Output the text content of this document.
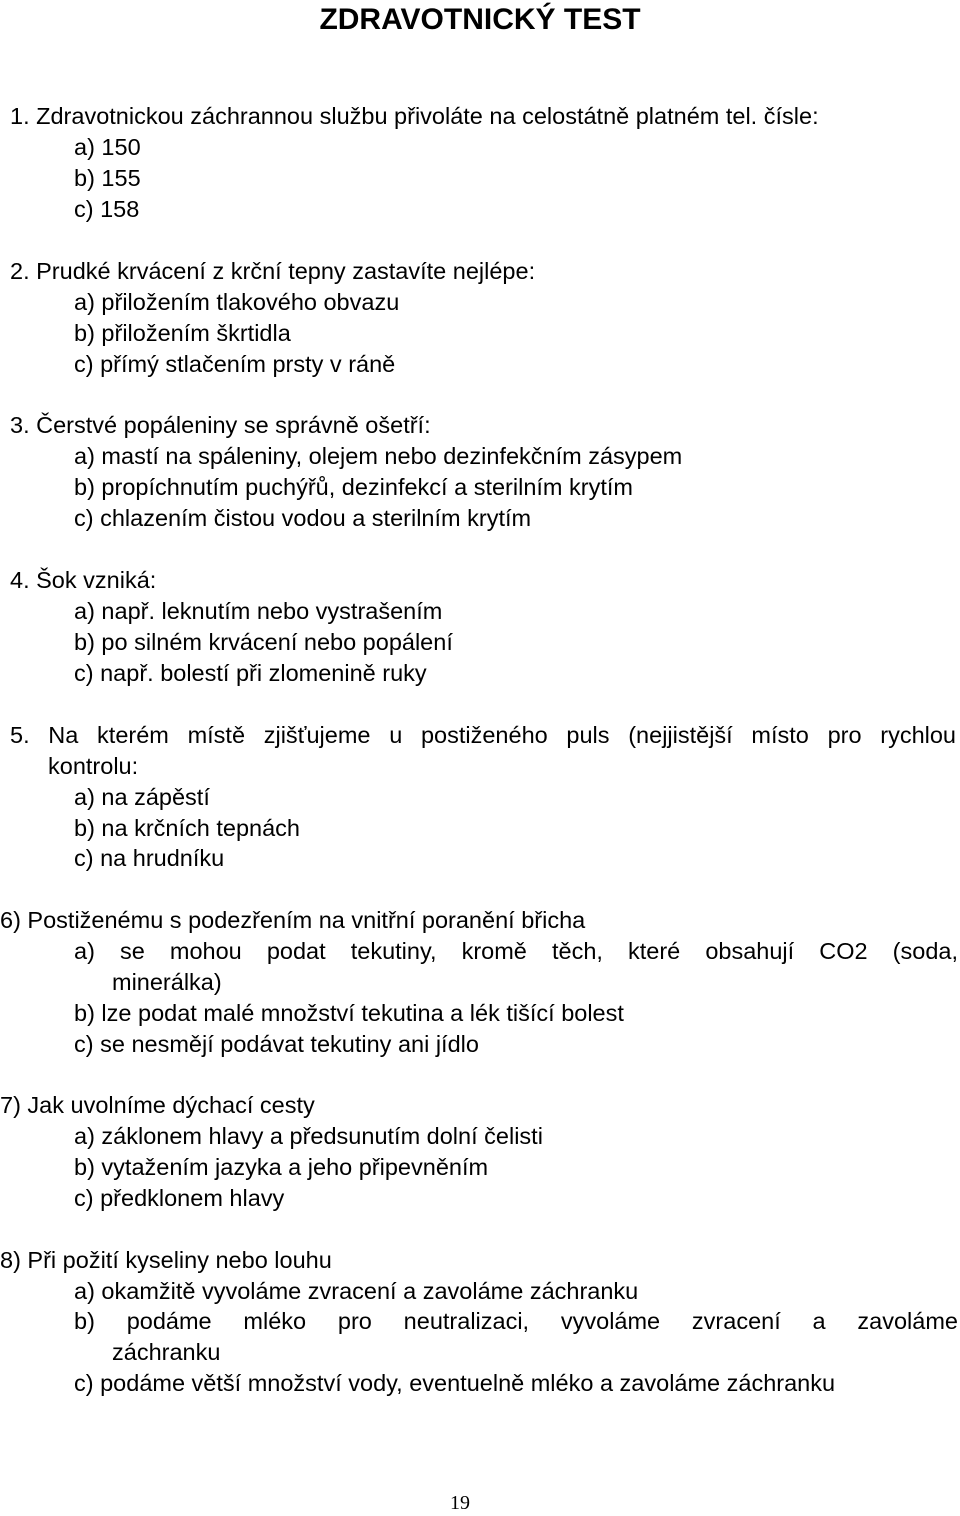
ZDRAVOTNICKÝ TEST

1. Zdravotnickou záchrannou službu přivoláte na celostátně platném tel. čísle:

a) 150

b) 155

c) 158

2. Prudké krvácení z krční tepny zastavíte nejlépe:

a) přiložením tlakového obvazu

b) přiložením škrtidla

c) přímý stlačením prsty v ráně

3. Čerstvé popáleniny se správně ošetří:

a) mastí na spáleniny, olejem nebo dezinfekčním zásypem

b) propíchnutím puchýřů, dezinfekcí a sterilním krytím

c) chlazením čistou vodou a sterilním krytím

4. Šok vzniká:

a) např. leknutím nebo vystrašením

b) po silném krvácení nebo popálení

c) např. bolestí při zlomenině ruky

5. Na kterém místě zjišťujeme u postiženého puls (nejjistější místo pro rychlou

kontrolu:

a) na zápěstí

b) na krčních tepnách

c) na hrudníku

6) Postiženému s podezřením na vnitřní poranění břicha

a) se mohou podat tekutiny, kromě těch, které obsahují CO2 (soda,

minerálka)

b) lze podat malé množství tekutina a lék tišící bolest

c) se nesmějí podávat tekutiny ani jídlo

7) Jak uvolníme dýchací cesty

a) záklonem hlavy a předsunutím dolní čelisti

b) vytažením jazyka a jeho připevněním

c) předklonem hlavy

8) Při požití kyseliny nebo louhu

a) okamžitě vyvoláme zvracení a zavoláme záchranku

b) podáme mléko pro neutralizaci, vyvoláme zvracení a zavoláme

záchranku

c) podáme větší množství vody, eventuelně mléko a zavoláme záchranku

19
